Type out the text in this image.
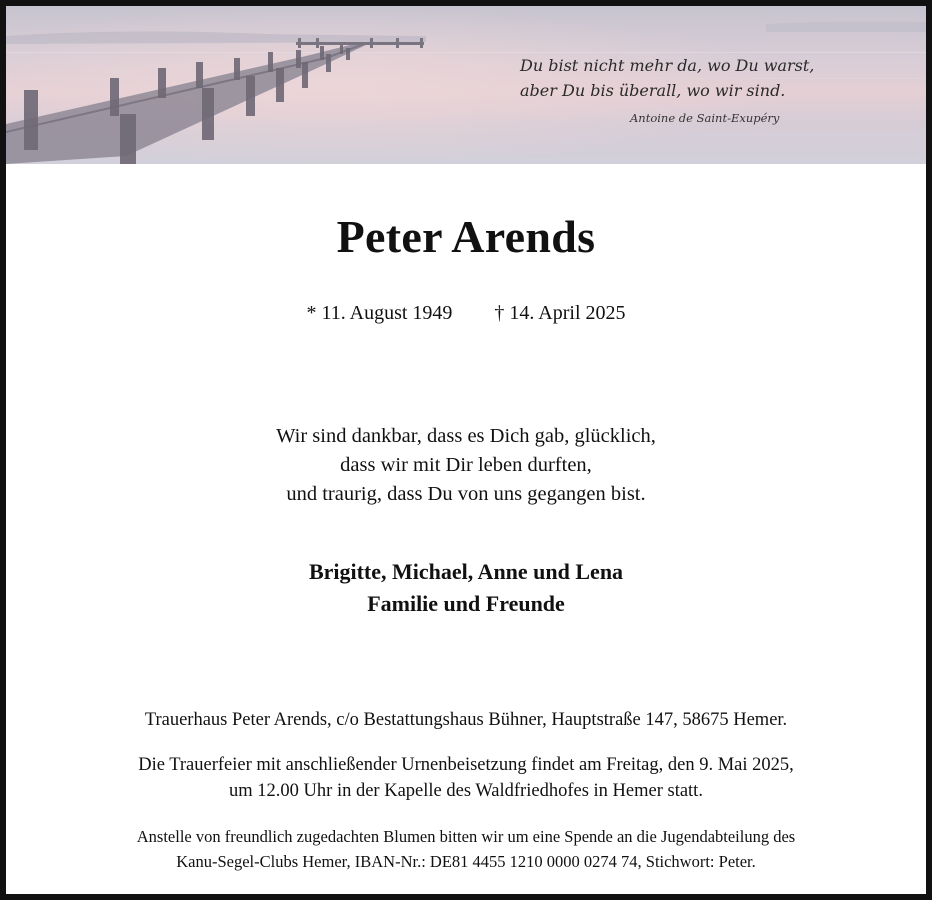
Du bist nicht mehr da, wo Du warst,
aber Du bis überall, wo wir sind.
Antoine de Saint-Exupéry
Peter Arends
* 11. August 1949 † 14. April 2025
Wir sind dankbar, dass es Dich gab, glücklich,
dass wir mit Dir leben durften,
und traurig, dass Du von uns gegangen bist.
Brigitte, Michael, Anne und Lena
Familie und Freunde
Trauerhaus Peter Arends, c/o Bestattungshaus Bühner, Hauptstraße 147, 58675 Hemer.
Die Trauerfeier mit anschließender Urnenbeisetzung findet am Freitag, den 9. Mai 2025,
um 12.00 Uhr in der Kapelle des Waldfriedhofes in Hemer statt.
Anstelle von freundlich zugedachten Blumen bitten wir um eine Spende an die Jugendabteilung des
Kanu-Segel-Clubs Hemer, IBAN-Nr.: DE81 4455 1210 0000 0274 74, Stichwort: Peter.
